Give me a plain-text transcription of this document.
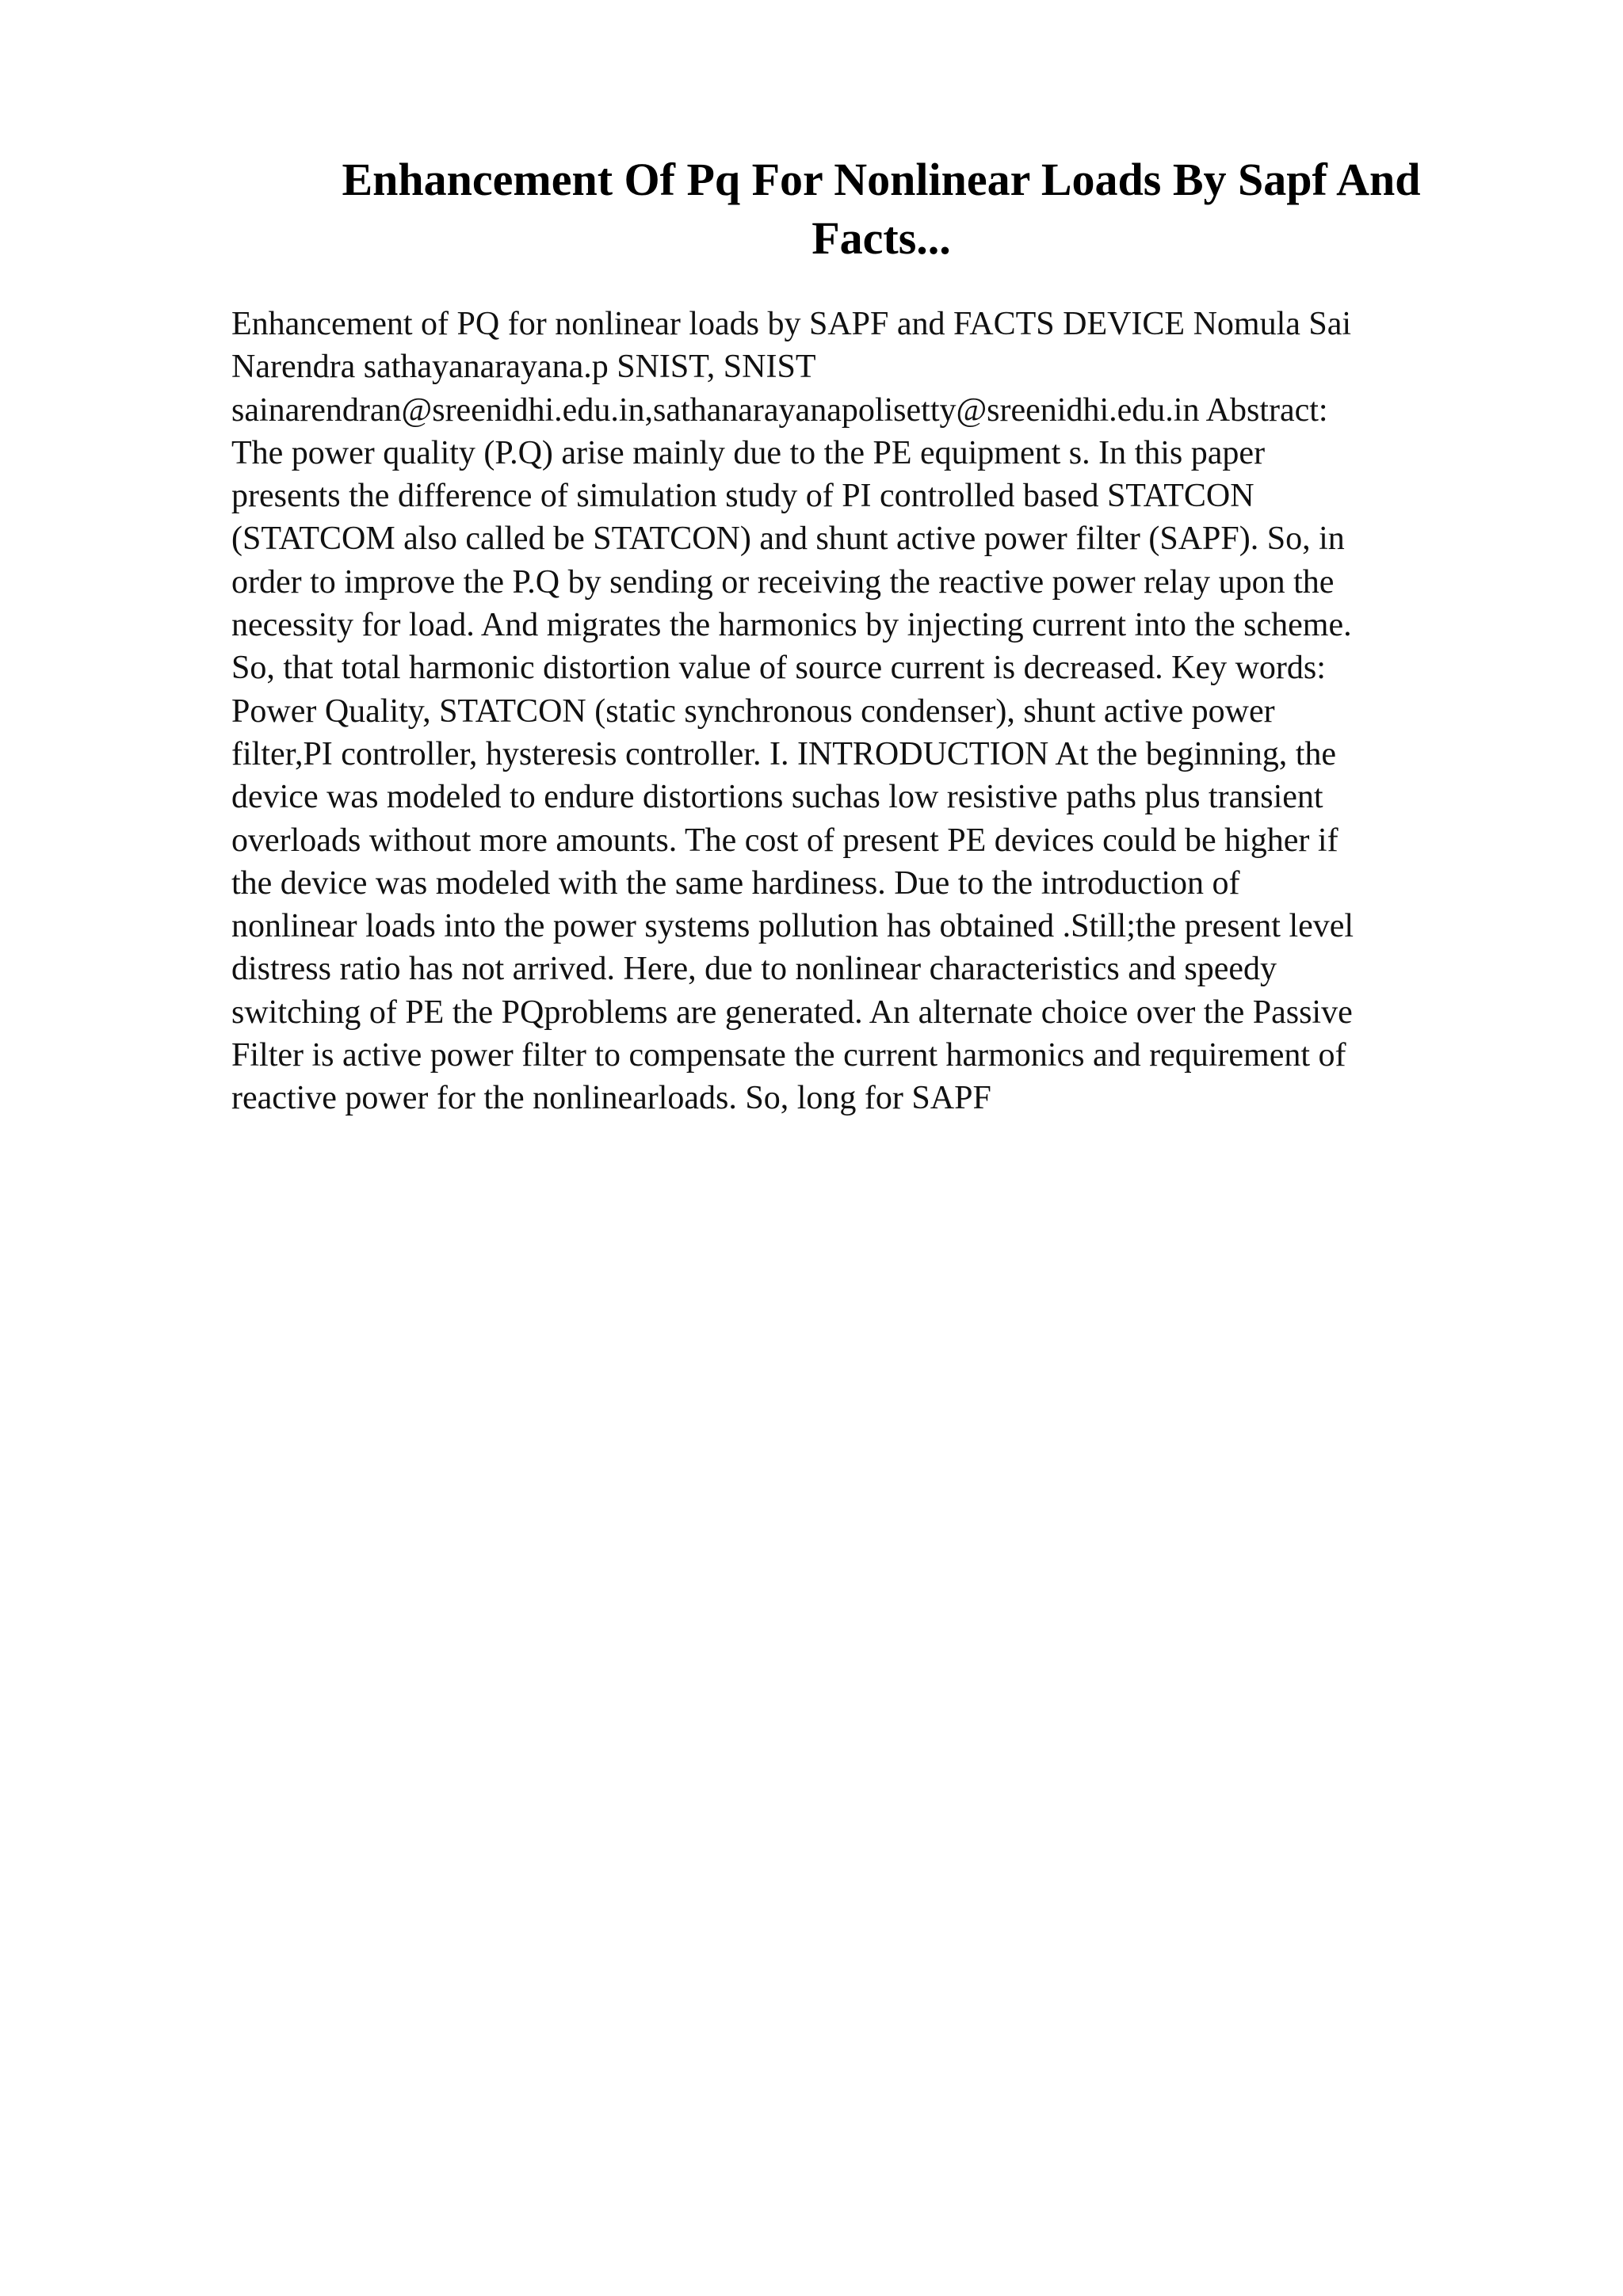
Enhancement Of Pq For Nonlinear Loads By Sapf And
Facts...
Enhancement of PQ for nonlinear loads by SAPF and FACTS DEVICE Nomula Sai
Narendra sathayanarayana.p SNIST, SNIST
sainarendran@sreenidhi.edu.in,sathanarayanapolisetty@sreenidhi.edu.in Abstract:
The power quality (P.Q) arise mainly due to the PE equipment s. In this paper
presents the difference of simulation study of PI controlled based STATCON
(STATCOM also called be STATCON) and shunt active power filter (SAPF). So, in
order to improve the P.Q by sending or receiving the reactive power relay upon the
necessity for load. And migrates the harmonics by injecting current into the scheme.
So, that total harmonic distortion value of source current is decreased. Key words:
Power Quality, STATCON (static synchronous condenser), shunt active power
filter,PI controller, hysteresis controller. I. INTRODUCTION At the beginning, the
device was modeled to endure distortions suchas low resistive paths plus transient
overloads without more amounts. The cost of present PE devices could be higher if
the device was modeled with the same hardiness. Due to the introduction of
nonlinear loads into the power systems pollution has obtained .Still;the present level
distress ratio has not arrived. Here, due to nonlinear characteristics and speedy
switching of PE the PQproblems are generated. An alternate choice over the Passive
Filter is active power filter to compensate the current harmonics and requirement of
reactive power for the nonlinearloads. So, long for SAPF
